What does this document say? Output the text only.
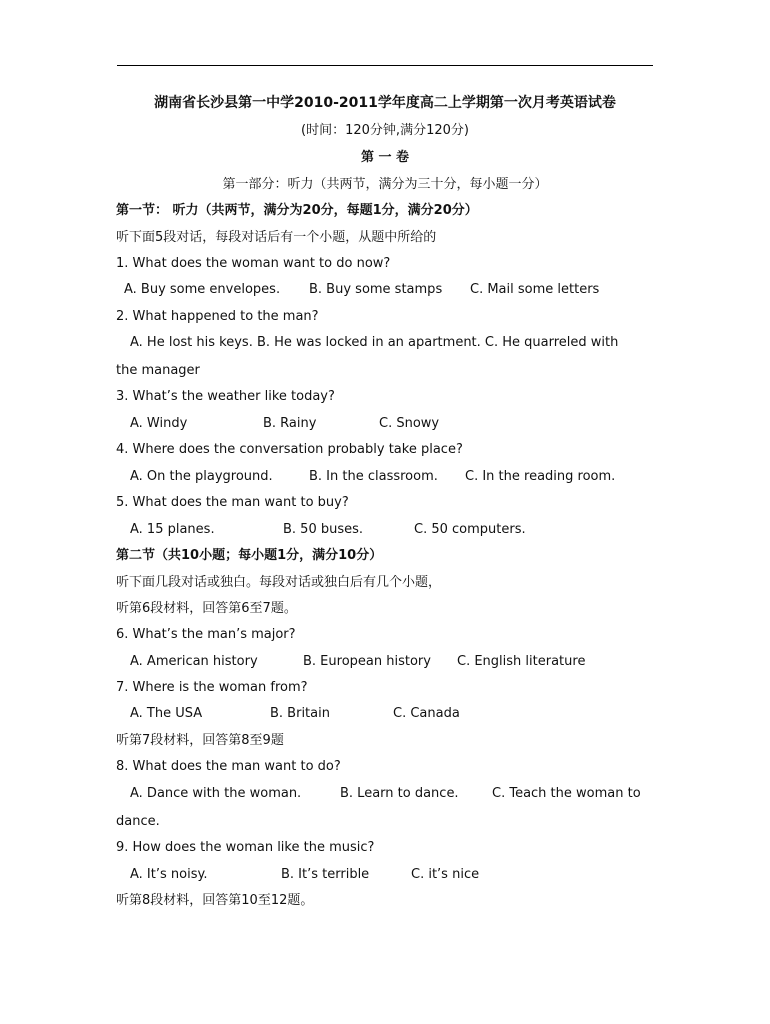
湖南省长沙县第一中学2010-2011学年度高二上学期第一次月考英语试卷
(时间：120分钟,满分120分)
第 一 卷
第一部分：听力（共两节，满分为三十分，每小题一分）
第一节： 听力（共两节，满分为20分，每题1分，满分20分）
听下面5段对话，每段对话后有一个小题，从题中所给的
1. What does the woman want to do now?
A. Buy some envelopes. B. Buy some stamps C. Mail some letters
2. What happened to the man?
A. He lost his keys. B. He was locked in an apartment. C. He quarreled with
the manager
3. What’s the weather like today?
A. Windy	B. Rainy	C. Snowy
4. Where does the conversation probably take place?
A. On the playground.	B. In the classroom. C. In the reading room.
5. What does the man want to buy?
A. 15 planes.	B. 50 buses.	C. 50 computers.
第二节（共10小题；每小题1分，满分10分）
听下面几段对话或独白。每段对话或独白后有几个小题，
听第6段材料，回答第6至7题。
6. What’s the man’s major?
A. American history	B. European history C. English literature
7. Where is the woman from?
A. The USA	B. Britain	C. Canada
听第7段材料，回答第8至9题
8. What does the man want to do?
A. Dance with the woman.	B. Learn to dance.	C. Teach the woman to
dance.
9. How does the woman like the music?
A. It’s noisy.	B. It’s terrible	C. it’s nice
听第8段材料，回答第10至12题。
